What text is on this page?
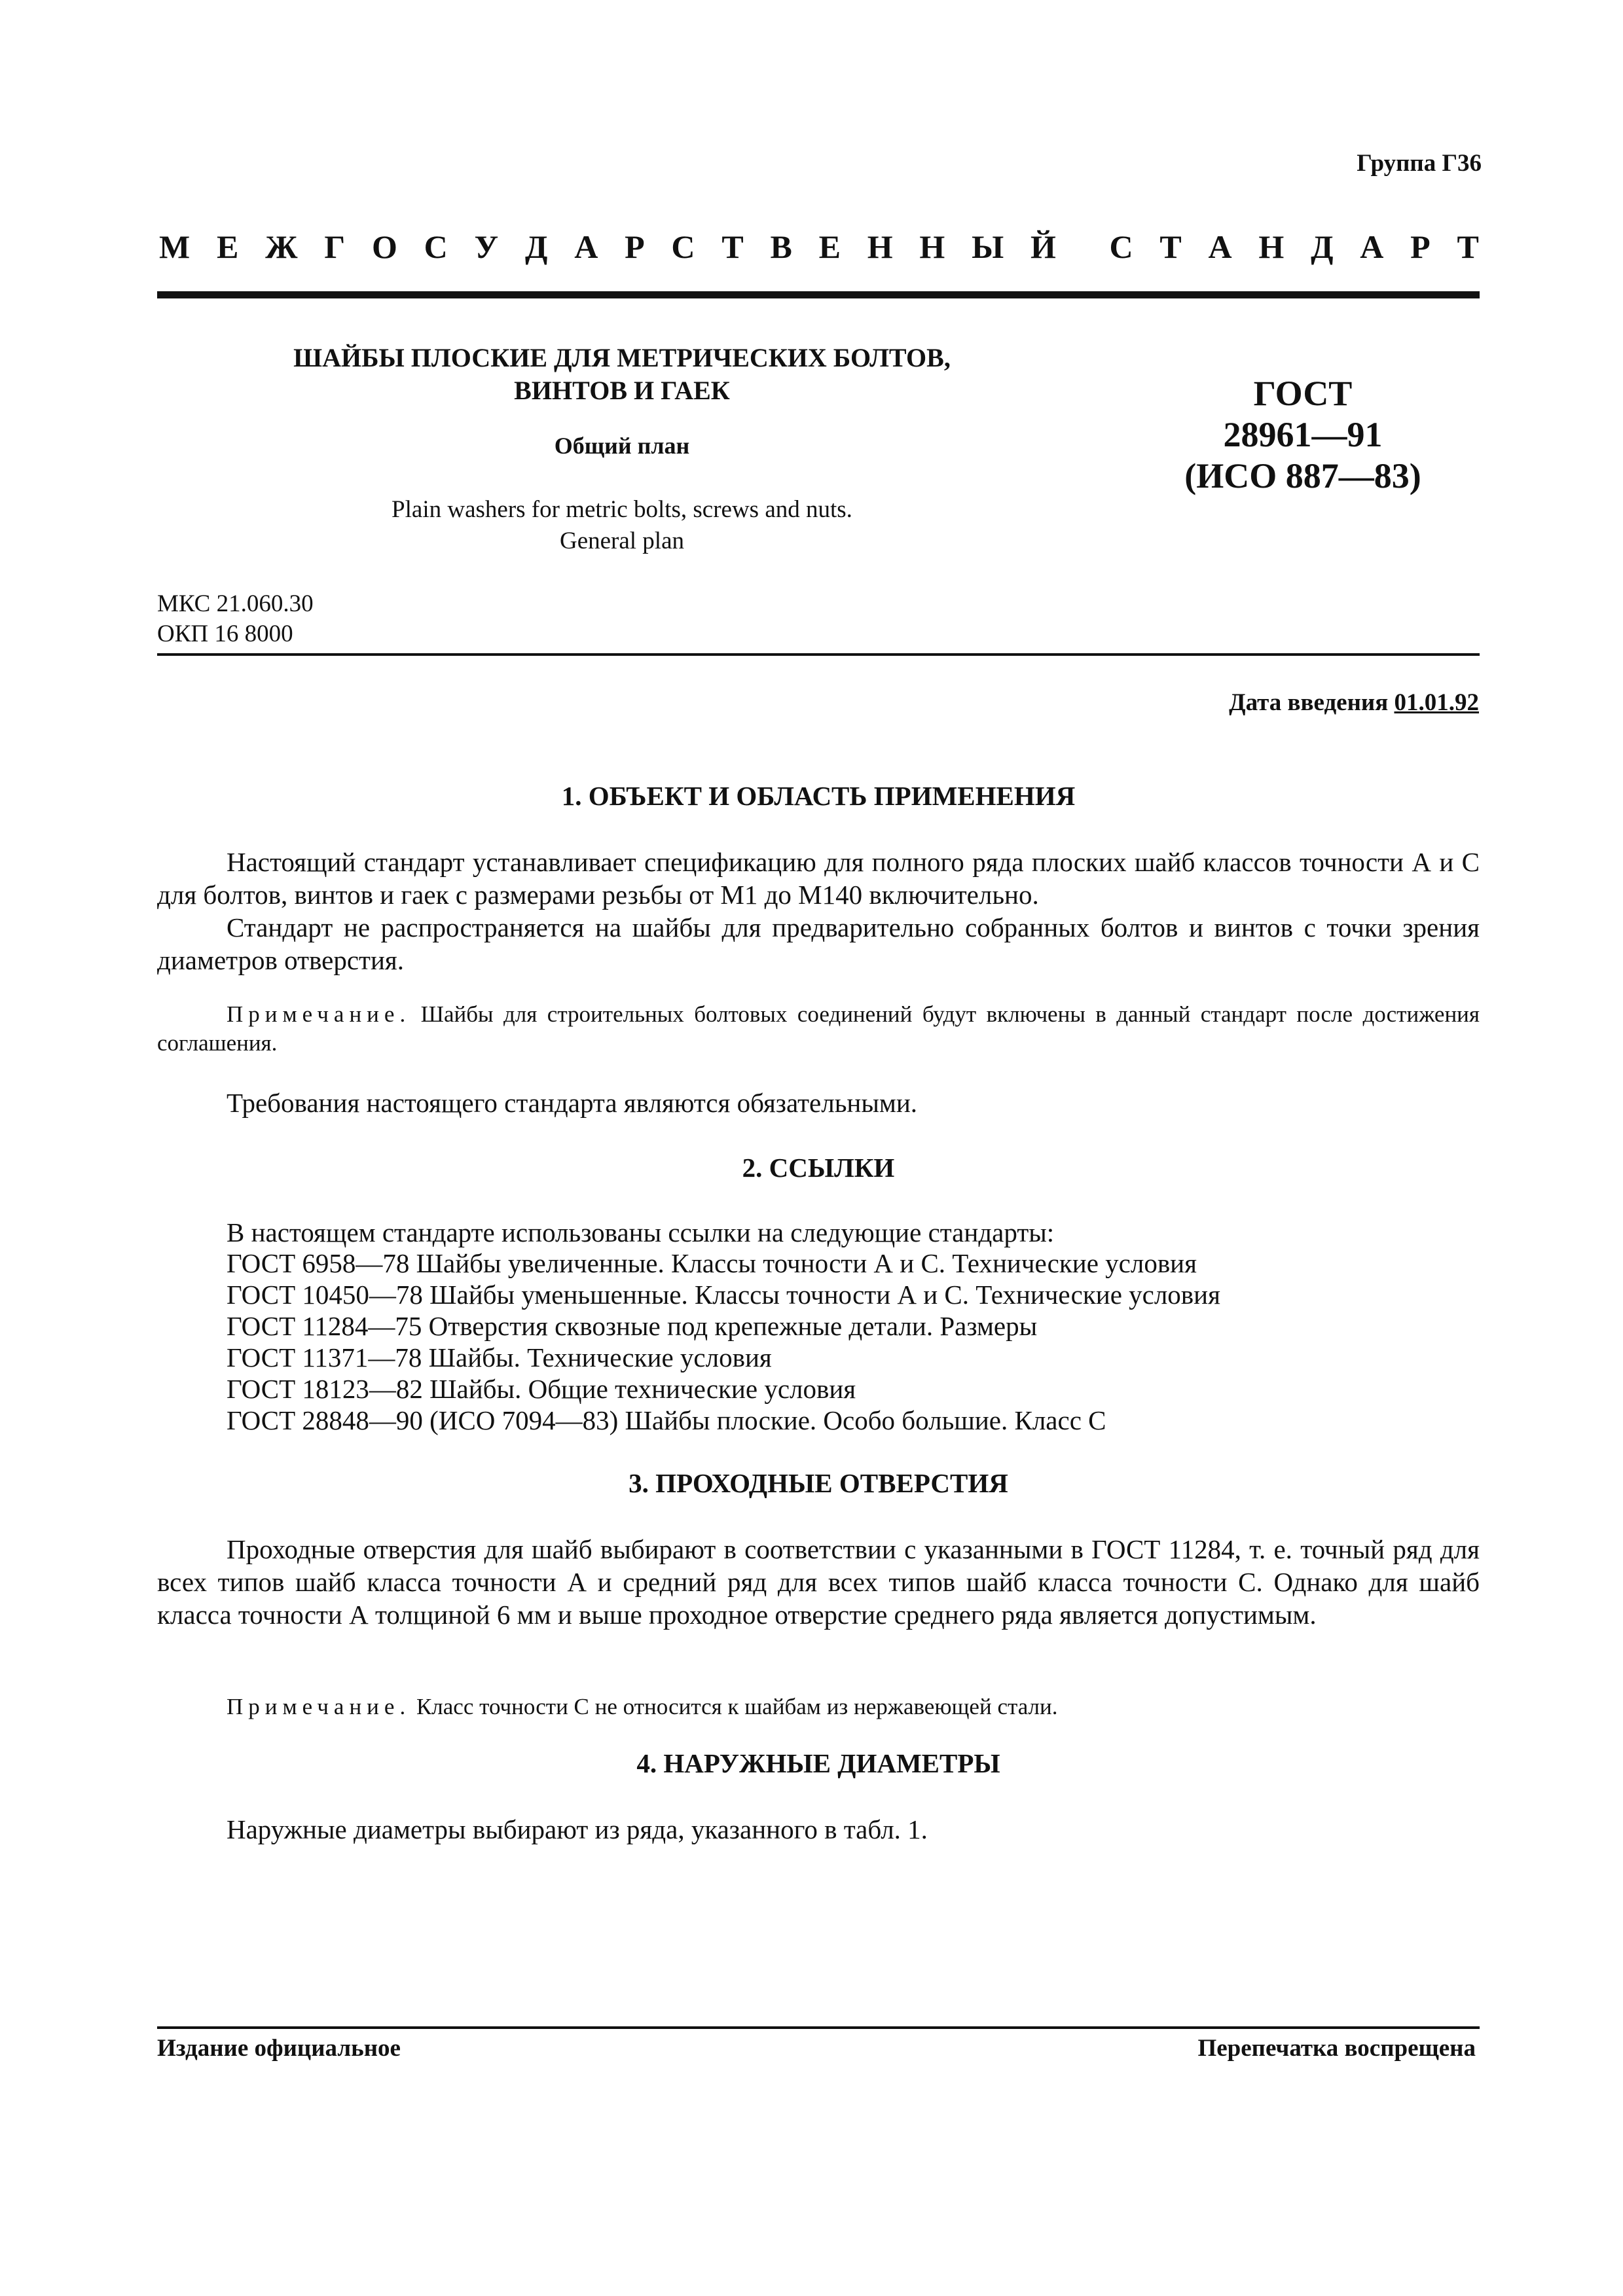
Группа Г36
М Е Ж Г О С У Д А Р С Т В Е Н Н Ы Й С Т А Н Д А Р Т
ШАЙБЫ ПЛОСКИЕ ДЛЯ МЕТРИЧЕСКИХ БОЛТОВ,
ВИНТОВ И ГАЕК
Общий план
Plain washers for metric bolts, screws and nuts.
General plan
ГОСТ
28961—91
(ИСО 887—83)
МКС 21.060.30
ОКП 16 8000
Дата введения 01.01.92
1. ОБЪЕКТ И ОБЛАСТЬ ПРИМЕНЕНИЯ
Настоящий стандарт устанавливает спецификацию для полного ряда плоских шайб классов точности А и С для болтов, винтов и гаек с размерами резьбы от М1 до М140 включительно.
Стандарт не распространяется на шайбы для предварительно собранных болтов и винтов с точки зрения диаметров отверстия.
Примечание. Шайбы для строительных болтовых соединений будут включены в данный стандарт после достижения соглашения.
Требования настоящего стандарта являются обязательными.
2. ССЫЛКИ
В настоящем стандарте использованы ссылки на следующие стандарты:
ГОСТ 6958—78 Шайбы увеличенные. Классы точности А и С. Технические условия
ГОСТ 10450—78 Шайбы уменьшенные. Классы точности А и С. Технические условия
ГОСТ 11284—75 Отверстия сквозные под крепежные детали. Размеры
ГОСТ 11371—78 Шайбы. Технические условия
ГОСТ 18123—82 Шайбы. Общие технические условия
ГОСТ 28848—90 (ИСО 7094—83) Шайбы плоские. Особо большие. Класс С
3. ПРОХОДНЫЕ ОТВЕРСТИЯ
Проходные отверстия для шайб выбирают в соответствии с указанными в ГОСТ 11284, т. е. точный ряд для всех типов шайб класса точности А и средний ряд для всех типов шайб класса точности С. Однако для шайб класса точности А толщиной 6 мм и выше проходное отверстие среднего ряда является допустимым.
Примечание. Класс точности С не относится к шайбам из нержавеющей стали.
4. НАРУЖНЫЕ ДИАМЕТРЫ
Наружные диаметры выбирают из ряда, указанного в табл. 1.
Издание официальное	Перепечатка воспрещена
